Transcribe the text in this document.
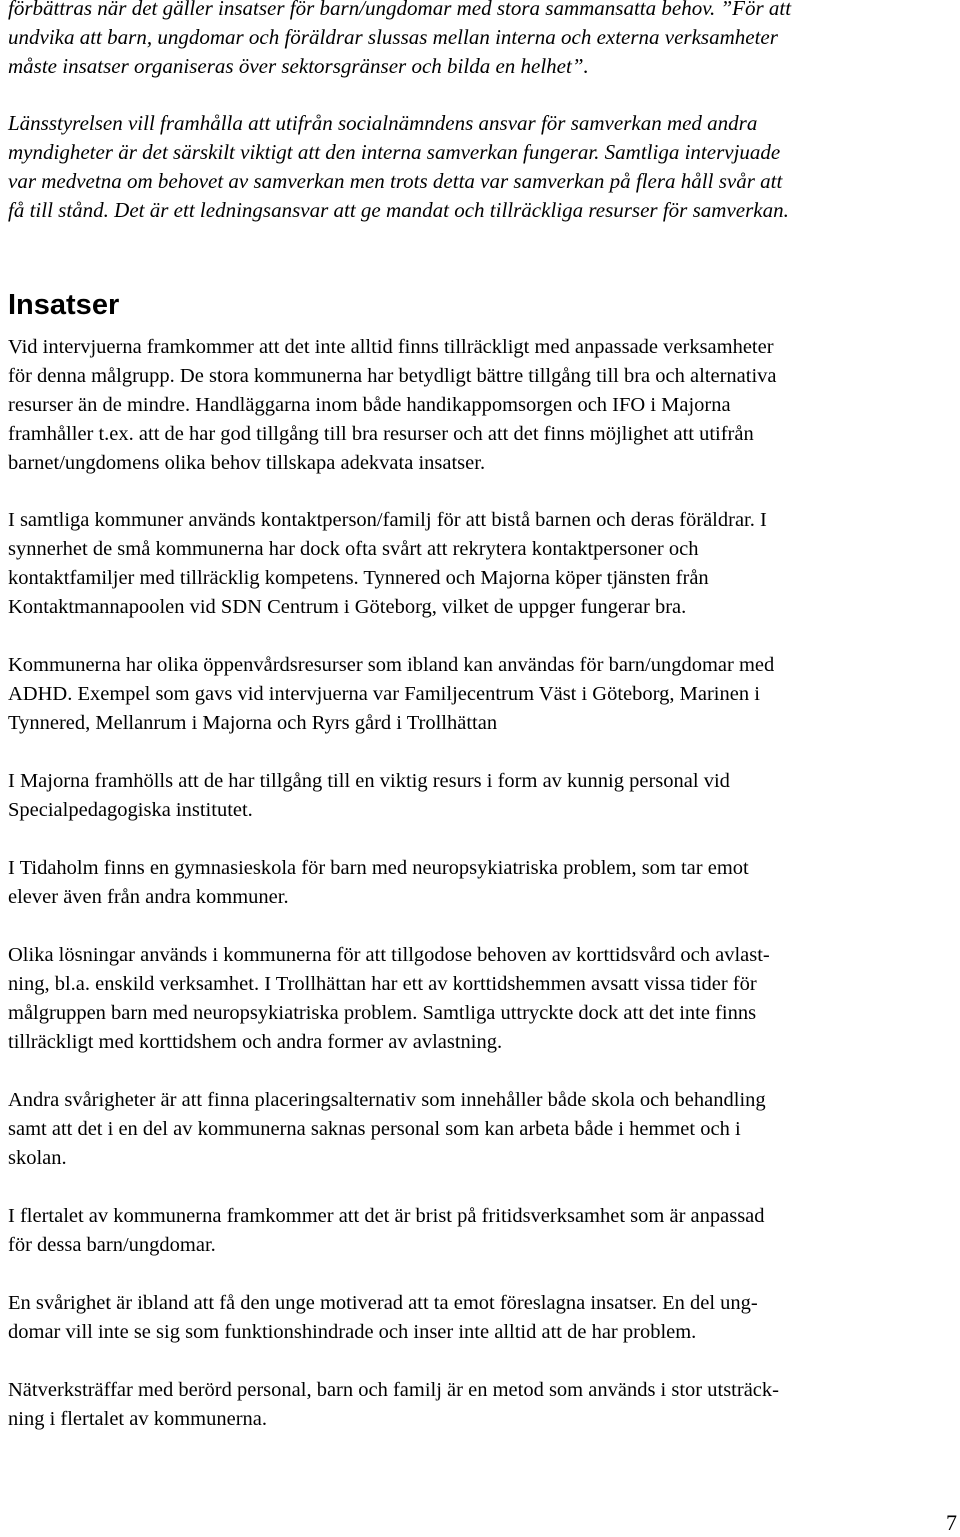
förbättras när det gäller insatser för barn/ungdomar med stora sammansatta behov. ”För att
undvika att barn, ungdomar och föräldrar slussas mellan interna och externa verksamheter
måste insatser organiseras över sektorsgränser och bilda en helhet”.

Länsstyrelsen vill framhålla att utifrån socialnämndens ansvar för samverkan med andra
myndigheter är det särskilt viktigt att den interna samverkan fungerar. Samtliga intervjuade
var medvetna om behovet av samverkan men trots detta var samverkan på flera håll svår att
få till stånd. Det är ett ledningsansvar att ge mandat och tillräckliga resurser för samverkan.

Insatser

Vid intervjuerna framkommer att det inte alltid finns tillräckligt med anpassade verksamheter
för denna målgrupp. De stora kommunerna har betydligt bättre tillgång till bra och alternativa
resurser än de mindre. Handläggarna inom både handikappomsorgen och IFO i Majorna
framhåller t.ex. att de har god tillgång till bra resurser och att det finns möjlighet att utifrån
barnet/ungdomens olika behov tillskapa adekvata insatser.

I samtliga kommuner används kontaktperson/familj för att bistå barnen och deras föräldrar. I
synnerhet de små kommunerna har dock ofta svårt att rekrytera kontaktpersoner och
kontaktfamiljer med tillräcklig kompetens. Tynnered och Majorna köper tjänsten från
Kontaktmannapoolen vid SDN Centrum i Göteborg, vilket de uppger fungerar bra.

Kommunerna har olika öppenvårdsresurser som ibland kan användas för barn/ungdomar med
ADHD. Exempel som gavs vid intervjuerna var Familjecentrum Väst i Göteborg, Marinen i
Tynnered, Mellanrum i Majorna och Ryrs gård i Trollhättan

I Majorna framhölls att de har tillgång till en viktig resurs i form av kunnig personal vid
Specialpedagogiska institutet.

I Tidaholm finns en gymnasieskola för barn med neuropsykiatriska problem, som tar emot
elever även från andra kommuner.

Olika lösningar används i kommunerna för att tillgodose behoven av korttidsvård och avlast-
ning, bl.a. enskild verksamhet. I Trollhättan har ett av korttidshemmen avsatt vissa tider för
målgruppen barn med neuropsykiatriska problem. Samtliga uttryckte dock att det inte finns
tillräckligt med korttidshem och andra former av avlastning.

Andra svårigheter är att finna placeringsalternativ som innehåller både skola och behandling
samt att det i en del av kommunerna saknas personal som kan arbeta både i hemmet och i
skolan.

I flertalet av kommunerna framkommer att det är brist på fritidsverksamhet som är anpassad
för dessa barn/ungdomar.

En svårighet är ibland att få den unge motiverad att ta emot föreslagna insatser. En del ung-
domar vill inte se sig som funktionshindrade och inser inte alltid att de har problem.

Nätverksträffar med berörd personal, barn och familj är en metod som används i stor utsträck-
ning i flertalet av kommunerna.

7
